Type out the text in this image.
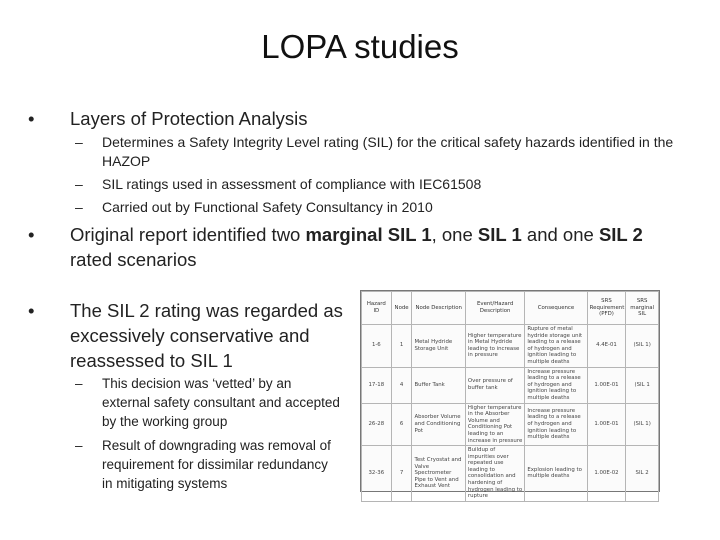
LOPA studies
• Layers of Protection Analysis
– Determines a Safety Integrity Level rating (SIL) for the critical safety hazards identified in the HAZOP
– SIL ratings used in assessment of compliance with IEC61508
– Carried out by Functional Safety Consultancy in 2010
• Original report identified two marginal SIL 1, one SIL 1 and one SIL 2 rated scenarios
• The SIL 2 rating was regarded as excessively conservative and reassessed to SIL 1
– This decision was ‘vetted’ by an external safety consultant and accepted by the working group
– Result of downgrading was removal of requirement for dissimilar redundancy in mitigating systems
Hazard ID	Node	Node Description	Event/Hazard Description	Consequence	SRS Requirement (PFD)	SRS marginal SIL
1-6	1	Metal Hydride Storage Unit	Higher temperature in Metal Hydride leading to increase in pressure	Rupture of metal hydride storage unit leading to a release of hydrogen and ignition leading to multiple deaths	4.4E-01	(SIL 1)
17-18	4	Buffer Tank	Over pressure of buffer tank	Increase pressure leading to a release of hydrogen and ignition leading to multiple deaths	1.00E-01	(SIL 1
26-28	6	Absorber Volume and Conditioning Pot	Higher temperature in the Absorber Volume and Conditioning Pot leading to an increase in pressure	Increase pressure leading to a release of hydrogen and ignition leading to multiple deaths	1.00E-01	(SIL 1)
32-36	7	Test Cryostat and Valve Spectrometer Pipe to Vent and Exhaust Vent	Buildup of impurities over repeated use leading to consolidation and hardening of hydrogen leading to rupture	Explosion leading to multiple deaths	1.00E-02	SIL 2
